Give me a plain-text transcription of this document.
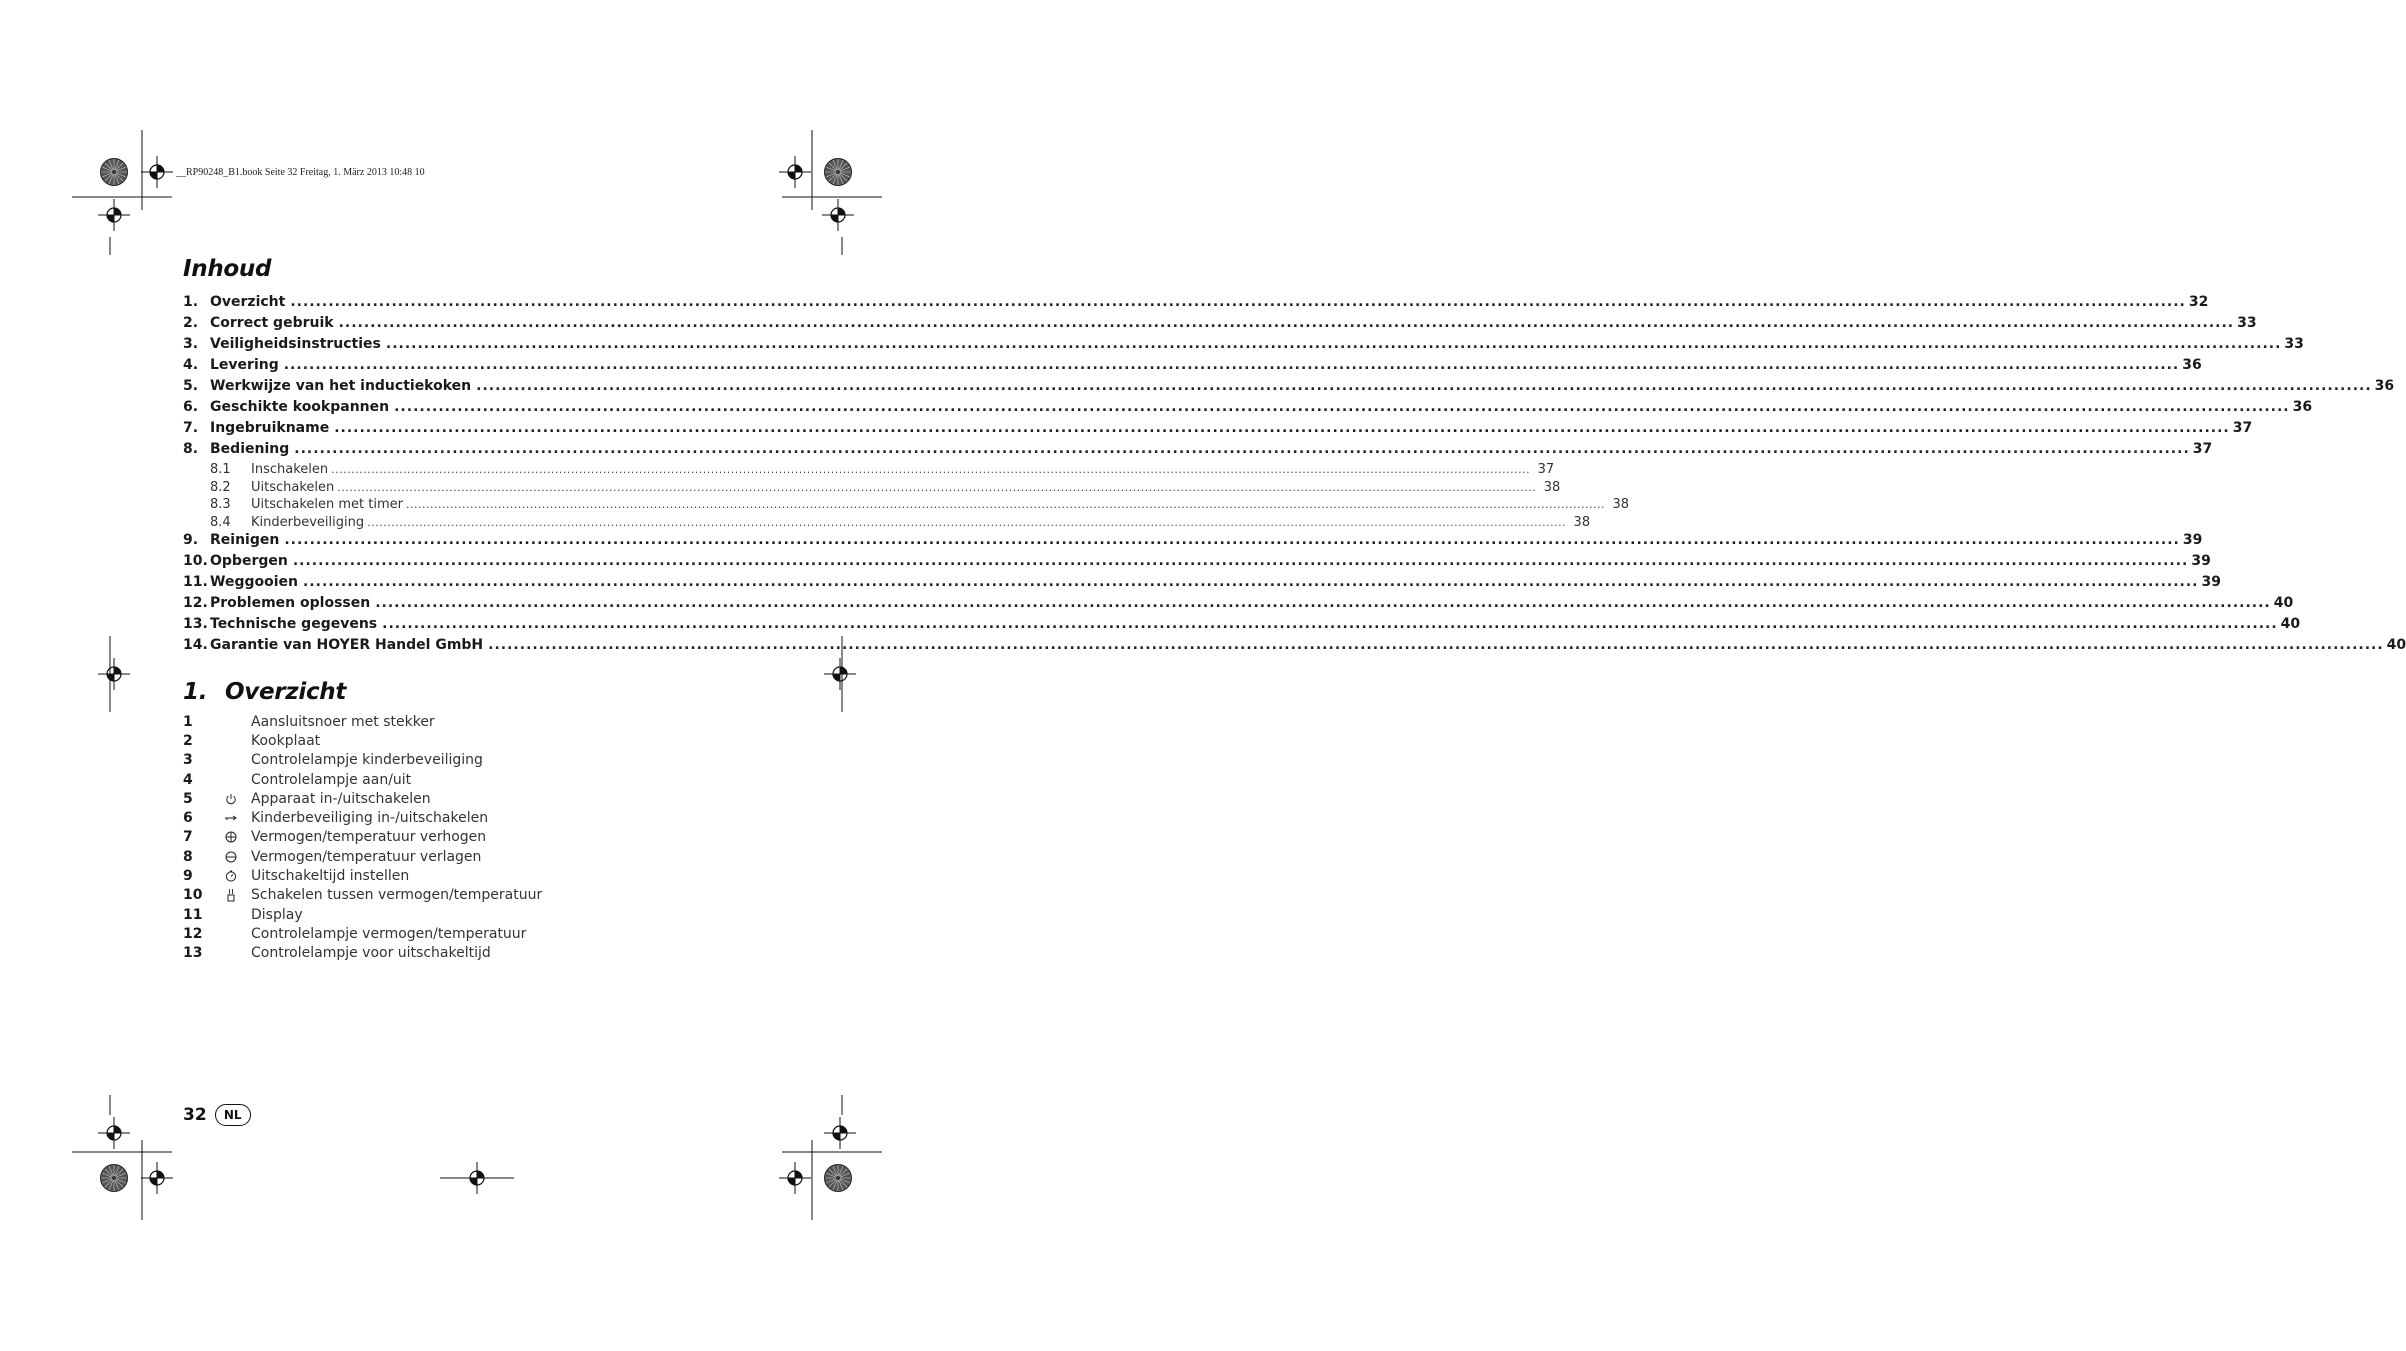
__RP90248_B1.book Seite 32 Freitag, 1. März 2013 10:48 10
Inhoud
1. Overzicht ............................................................................................................................................................................................................................................................................................................ 32
2. Correct gebruik ............................................................................................................................................................................................................................................................................................................ 33
3. Veiligheidsinstructies ............................................................................................................................................................................................................................................................................................................ 33
4. Levering ............................................................................................................................................................................................................................................................................................................ 36
5. Werkwijze van het inductiekoken ............................................................................................................................................................................................................................................................................................................ 36
6. Geschikte kookpannen ............................................................................................................................................................................................................................................................................................................ 36
7. Ingebruikname ............................................................................................................................................................................................................................................................................................................ 37
8. Bediening ............................................................................................................................................................................................................................................................................................................ 37
8.1	Inschakelen ............................................................................................................................................................................................................................................................................................................ 37
8.2	Uitschakelen ............................................................................................................................................................................................................................................................................................................ 38
8.3	Uitschakelen met timer ............................................................................................................................................................................................................................................................................................................ 38
8.4	Kinderbeveiliging ............................................................................................................................................................................................................................................................................................................ 38
9. Reinigen ............................................................................................................................................................................................................................................................................................................ 39
10. Opbergen ............................................................................................................................................................................................................................................................................................................ 39
11. Weggooien ............................................................................................................................................................................................................................................................................................................ 39
12. Problemen oplossen ............................................................................................................................................................................................................................................................................................................ 40
13. Technische gegevens ............................................................................................................................................................................................................................................................................................................ 40
14. Garantie van HOYER Handel GmbH ............................................................................................................................................................................................................................................................................................................ 40
1. Overzicht
1	Aansluitsnoer met stekker
2	Kookplaat
3	Controlelampje kinderbeveiliging
4	Controlelampje aan/uit
5	Apparaat in-/uitschakelen
6	Kinderbeveiliging in-/uitschakelen
7	Vermogen/temperatuur verhogen
8	Vermogen/temperatuur verlagen
9	Uitschakeltijd instellen
10	Schakelen tussen vermogen/temperatuur
11	Display
12	Controlelampje vermogen/temperatuur
13	Controlelampje voor uitschakeltijd
32	NL
